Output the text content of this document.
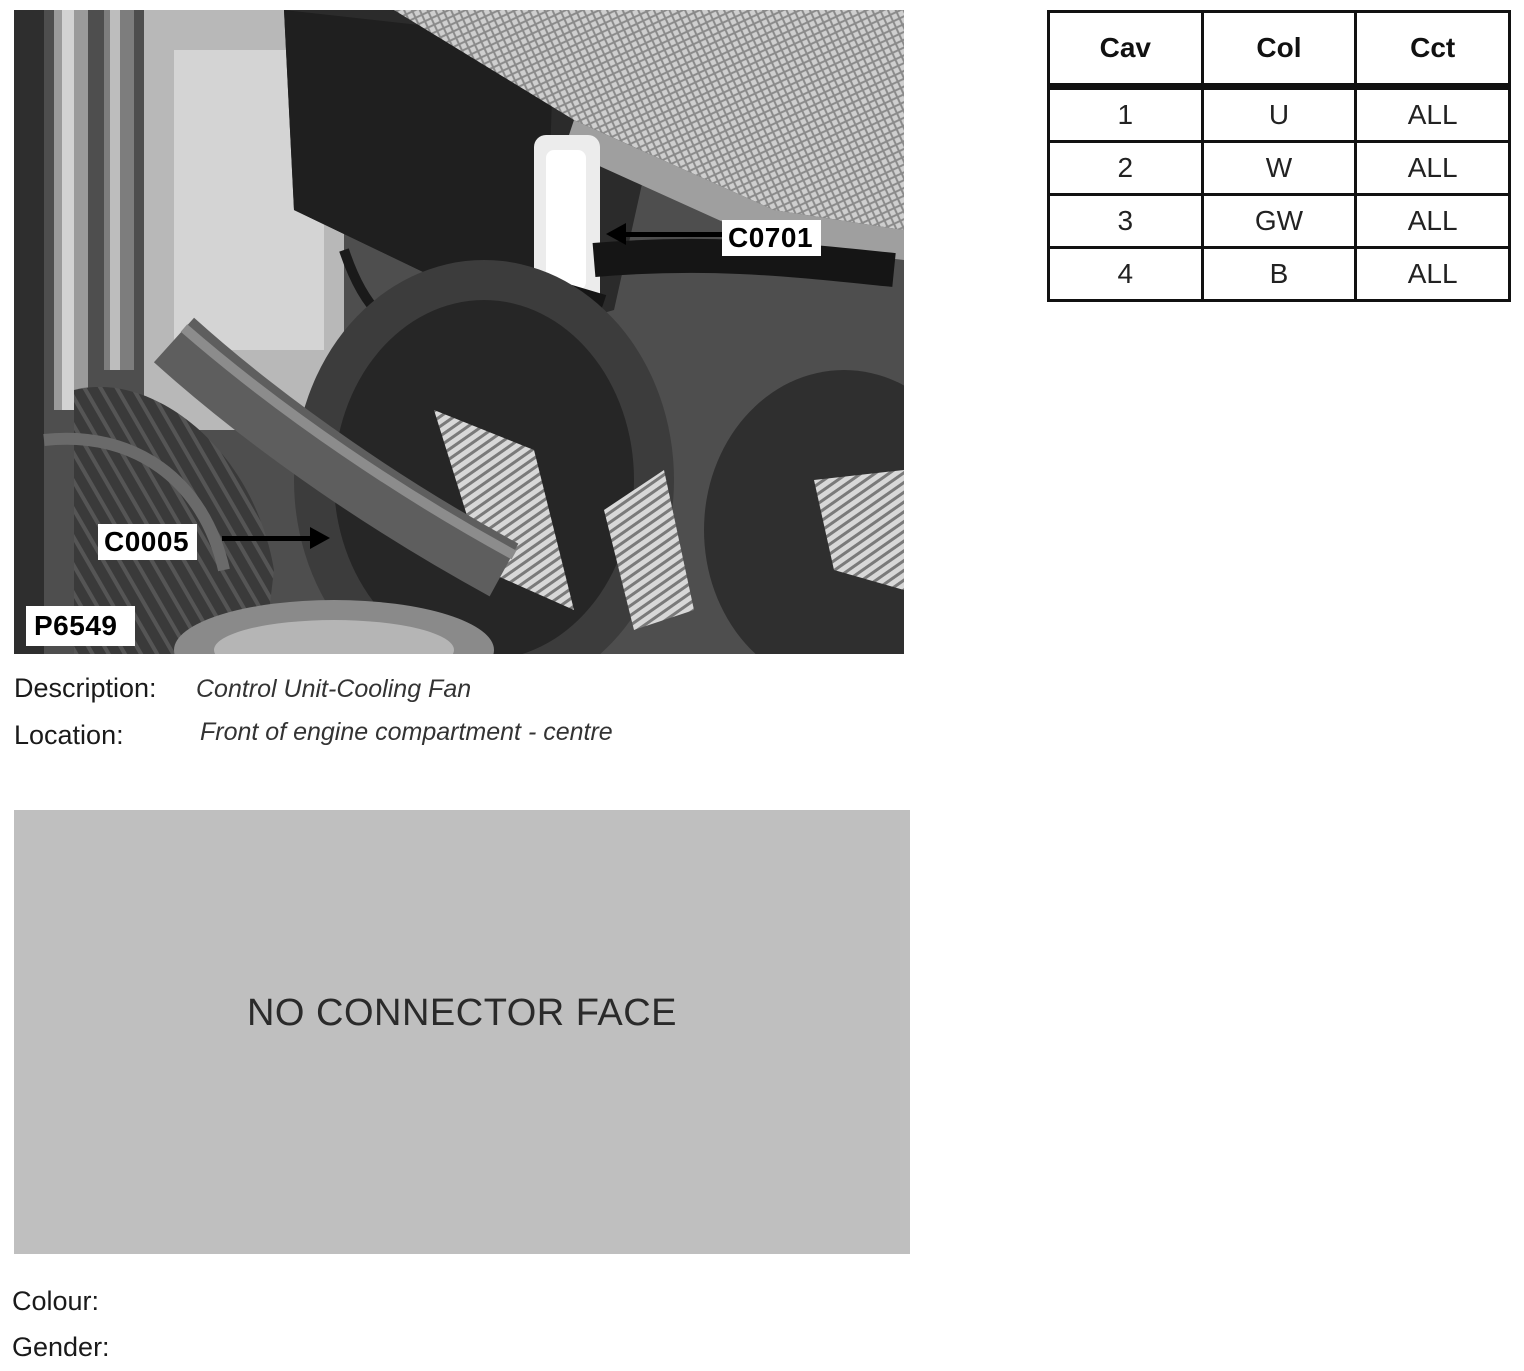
C0701
C0005
P6549
Description: Control Unit-Cooling Fan
Location:	Front of engine compartment - centre
NO CONNECTOR FACE
Colour:
Gender:
Cav	Col	Cct
1	U	ALL
2	W	ALL
3	GW	ALL
4	B	ALL
